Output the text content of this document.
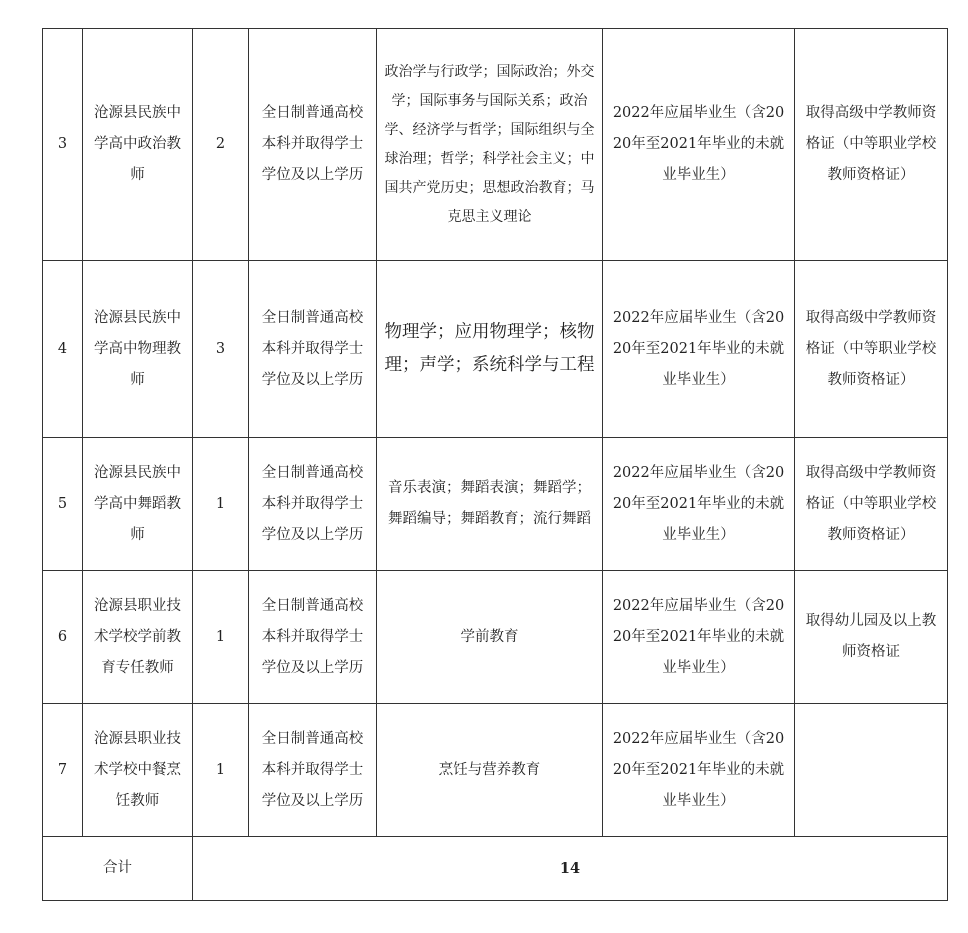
3	沧源县民族中学高中政治教师	2	全日制普通高校本科并取得学士学位及以上学历	政治学与行政学；国际政治；外交学；国际事务与国际关系；政治学、经济学与哲学；国际组织与全球治理；哲学；科学社会主义；中国共产党历史；思想政治教育；马克思主义理论	2022年应届毕业生（含2020年至2021年毕业的未就业毕业生）	取得高级中学教师资格证（中等职业学校教师资格证）
4	沧源县民族中学高中物理教师	3	全日制普通高校本科并取得学士学位及以上学历	物理学；应用物理学；核物理；声学；系统科学与工程	2022年应届毕业生（含2020年至2021年毕业的未就业毕业生）	取得高级中学教师资格证（中等职业学校教师资格证）
5	沧源县民族中学高中舞蹈教师	1	全日制普通高校本科并取得学士学位及以上学历	音乐表演；舞蹈表演；舞蹈学；舞蹈编导；舞蹈教育；流行舞蹈	2022年应届毕业生（含2020年至2021年毕业的未就业毕业生）	取得高级中学教师资格证（中等职业学校教师资格证）
6	沧源县职业技术学校学前教育专任教师	1	全日制普通高校本科并取得学士学位及以上学历	学前教育	2022年应届毕业生（含2020年至2021年毕业的未就业毕业生）	取得幼儿园及以上教师资格证
7	沧源县职业技术学校中餐烹饪教师	1	全日制普通高校本科并取得学士学位及以上学历	烹饪与营养教育	2022年应届毕业生（含2020年至2021年毕业的未就业毕业生）	
合计		14				
